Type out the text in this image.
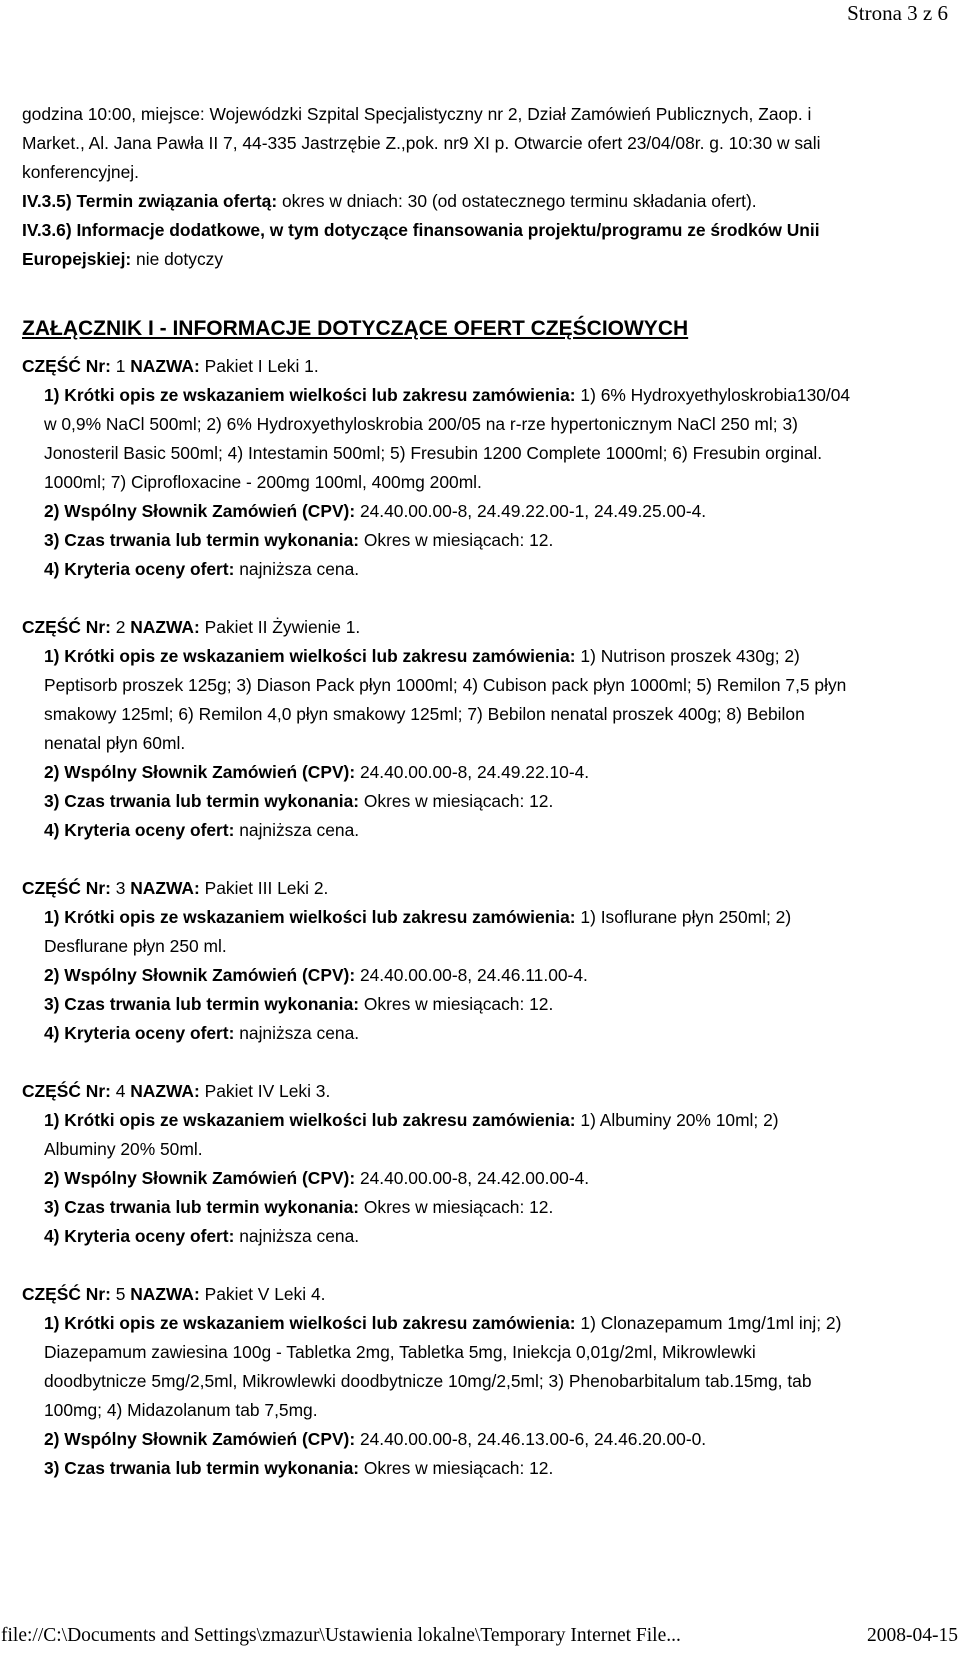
Strona 3 z 6
godzina 10:00, miejsce: Wojewódzki Szpital Specjalistyczny nr 2, Dział Zamówień Publicznych, Zaop. i
Market., Al. Jana Pawła II 7, 44-335 Jastrzębie Z.,pok. nr9 XI p. Otwarcie ofert 23/04/08r. g. 10:30 w sali
konferencyjnej.
IV.3.5) Termin związania ofertą: okres w dniach: 30 (od ostatecznego terminu składania ofert).
IV.3.6) Informacje dodatkowe, w tym dotyczące finansowania projektu/programu ze środków Unii
Europejskiej: nie dotyczy
ZAŁĄCZNIK I - INFORMACJE DOTYCZĄCE OFERT CZĘŚCIOWYCH
CZĘŚĆ Nr: 1 NAZWA: Pakiet I Leki 1.
1) Krótki opis ze wskazaniem wielkości lub zakresu zamówienia: 1) 6% Hydroxyethyloskrobia130/04
w 0,9% NaCl 500ml; 2) 6% Hydroxyethyloskrobia 200/05 na r-rze hypertonicznym NaCl 250 ml; 3)
Jonosteril Basic 500ml; 4) Intestamin 500ml; 5) Fresubin 1200 Complete 1000ml; 6) Fresubin orginal.
1000ml; 7) Ciprofloxacine - 200mg 100ml, 400mg 200ml.
2) Wspólny Słownik Zamówień (CPV): 24.40.00.00-8, 24.49.22.00-1, 24.49.25.00-4.
3) Czas trwania lub termin wykonania: Okres w miesiącach: 12.
4) Kryteria oceny ofert: najniższa cena.
CZĘŚĆ Nr: 2 NAZWA: Pakiet II Żywienie 1.
1) Krótki opis ze wskazaniem wielkości lub zakresu zamówienia: 1) Nutrison proszek 430g; 2)
Peptisorb proszek 125g; 3) Diason Pack płyn 1000ml; 4) Cubison pack płyn 1000ml; 5) Remilon 7,5 płyn
smakowy 125ml; 6) Remilon 4,0 płyn smakowy 125ml; 7) Bebilon nenatal proszek 400g; 8) Bebilon
nenatal płyn 60ml.
2) Wspólny Słownik Zamówień (CPV): 24.40.00.00-8, 24.49.22.10-4.
3) Czas trwania lub termin wykonania: Okres w miesiącach: 12.
4) Kryteria oceny ofert: najniższa cena.
CZĘŚĆ Nr: 3 NAZWA: Pakiet III Leki 2.
1) Krótki opis ze wskazaniem wielkości lub zakresu zamówienia: 1) Isoflurane płyn 250ml; 2)
Desflurane płyn 250 ml.
2) Wspólny Słownik Zamówień (CPV): 24.40.00.00-8, 24.46.11.00-4.
3) Czas trwania lub termin wykonania: Okres w miesiącach: 12.
4) Kryteria oceny ofert: najniższa cena.
CZĘŚĆ Nr: 4 NAZWA: Pakiet IV Leki 3.
1) Krótki opis ze wskazaniem wielkości lub zakresu zamówienia: 1) Albuminy 20% 10ml; 2)
Albuminy 20% 50ml.
2) Wspólny Słownik Zamówień (CPV): 24.40.00.00-8, 24.42.00.00-4.
3) Czas trwania lub termin wykonania: Okres w miesiącach: 12.
4) Kryteria oceny ofert: najniższa cena.
CZĘŚĆ Nr: 5 NAZWA: Pakiet V Leki 4.
1) Krótki opis ze wskazaniem wielkości lub zakresu zamówienia: 1) Clonazepamum 1mg/1ml inj; 2)
Diazepamum zawiesina 100g - Tabletka 2mg, Tabletka 5mg, Iniekcja 0,01g/2ml, Mikrowlewki
doodbytnicze 5mg/2,5ml, Mikrowlewki doodbytnicze 10mg/2,5ml; 3) Phenobarbitalum tab.15mg, tab
100mg; 4) Midazolanum tab 7,5mg.
2) Wspólny Słownik Zamówień (CPV): 24.40.00.00-8, 24.46.13.00-6, 24.46.20.00-0.
3) Czas trwania lub termin wykonania: Okres w miesiącach: 12.
file://C:\Documents and Settings\zmazur\Ustawienia lokalne\Temporary Internet File...	2008-04-15
